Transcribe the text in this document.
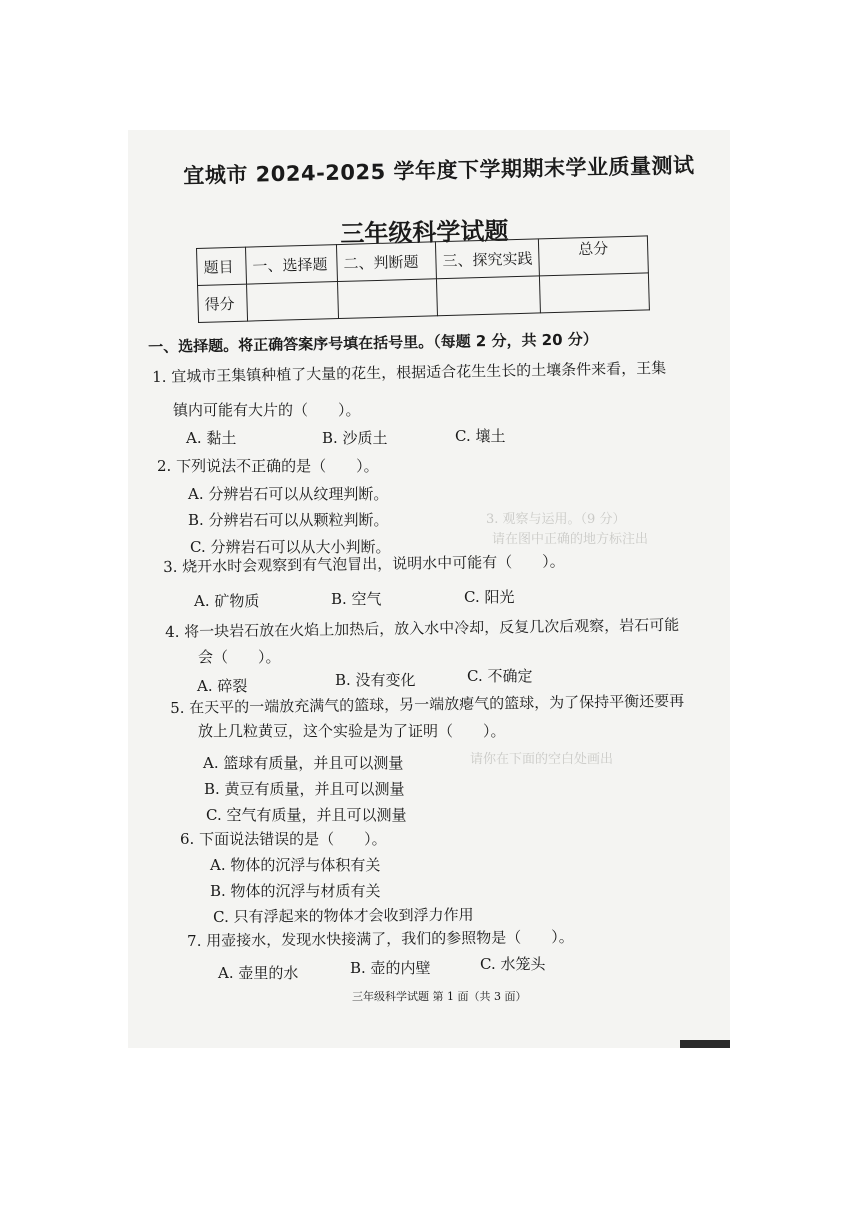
3. 观察与运用。（9 分）
请在图中正确的地方标注出
请你在下面的空白处画出
宜城市 2024-2025 学年度下学期期末学业质量测试
三年级科学试题
题目	一、选择题	二、判断题	三、探究实践	总分
得分				
一、选择题。将正确答案序号填在括号里。（每题 2 分，共 20 分）
1. 宜城市王集镇种植了大量的花生，根据适合花生生长的土壤条件来看，王集
镇内可能有大片的（　　）。
A. 黏土	B. 沙质土	C. 壤土
2. 下列说法不正确的是（　　）。
A. 分辨岩石可以从纹理判断。
B. 分辨岩石可以从颗粒判断。
C. 分辨岩石可以从大小判断。
3. 烧开水时会观察到有气泡冒出，说明水中可能有（　　）。
A. 矿物质	B. 空气	C. 阳光
4. 将一块岩石放在火焰上加热后，放入水中冷却，反复几次后观察，岩石可能
会（　　）。
A. 碎裂	B. 没有变化	C. 不确定
5. 在天平的一端放充满气的篮球，另一端放瘪气的篮球，为了保持平衡还要再
放上几粒黄豆，这个实验是为了证明（　　）。
A. 篮球有质量，并且可以测量
B. 黄豆有质量，并且可以测量
C. 空气有质量，并且可以测量
6. 下面说法错误的是（　　）。
A. 物体的沉浮与体积有关
B. 物体的沉浮与材质有关
C. 只有浮起来的物体才会收到浮力作用
7. 用壶接水，发现水快接满了，我们的参照物是（　　）。
A. 壶里的水	B. 壶的内壁	C. 水笼头
三年级科学试题 第 1 面（共 3 面）
